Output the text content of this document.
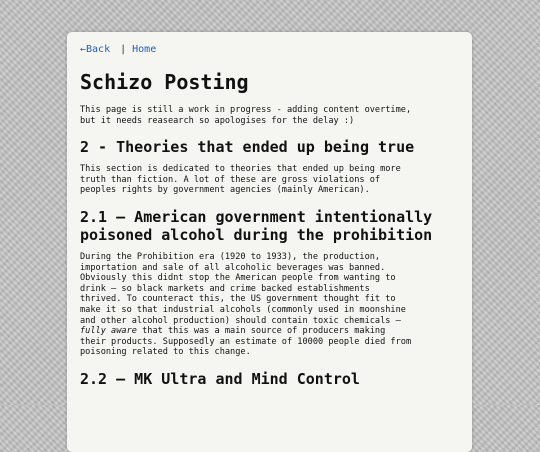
←Back | Home
Schizo Posting

This page is still a work in progress - adding content overtime,
but it needs reasearch so apologises for the delay :)

2 - Theories that ended up being true

This section is dedicated to theories that ended up being more
truth than fiction. A lot of these are gross violations of
peoples rights by government agencies (mainly American).

2.1 – American government intentionally poisoned alcohol during the prohibition

During the Prohibition era (1920 to 1933), the production,
importation and sale of all alcoholic beverages was banned.
Obviously this didnt stop the American people from wanting to
drink – so black markets and crime backed establishments
thrived. To counteract this, the US government thought fit to
make it so that industrial alcohols (commonly used in moonshine
and other alcohol production) should contain toxic chemicals –
fully aware that this was a main source of producers making
their products. Supposedly an estimate of 10000 people died from
poisoning related to this change.

2.2 – MK Ultra and Mind Control
